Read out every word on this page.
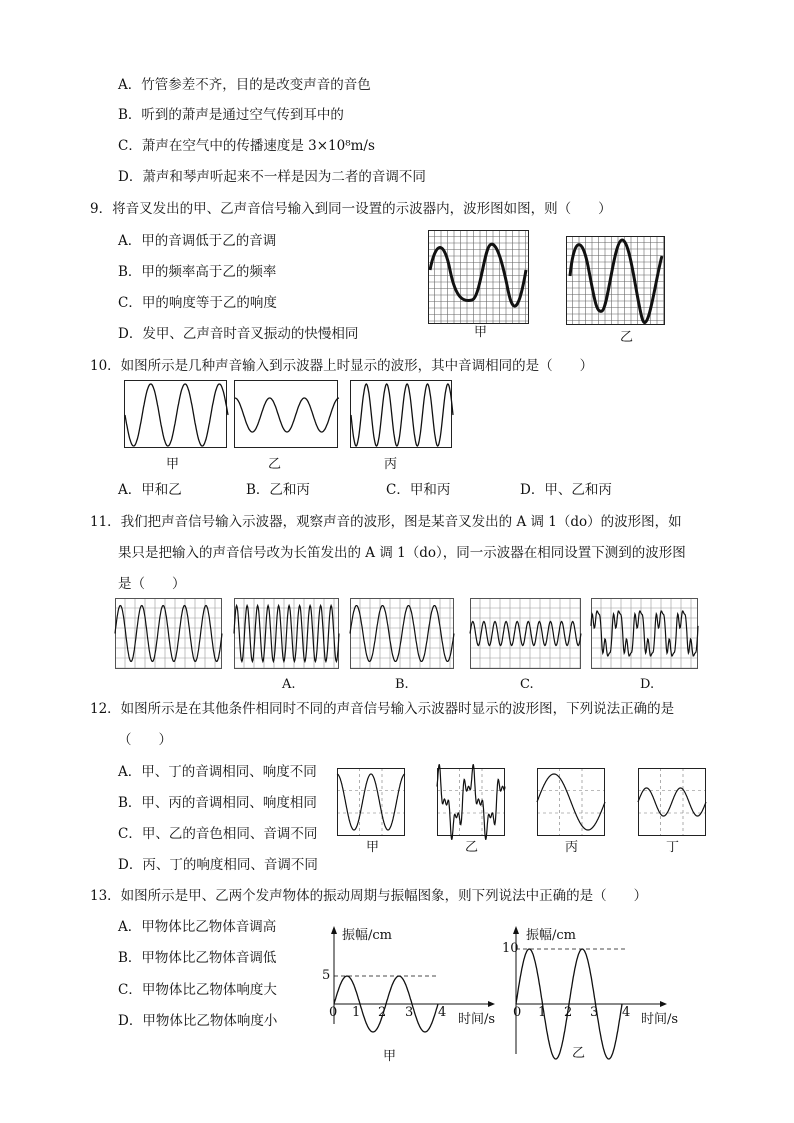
A．竹管参差不齐，目的是改变声音的音色
B．听到的萧声是通过空气传到耳中的
C．萧声在空气中的传播速度是 3×10⁸m/s
D．萧声和琴声听起来不一样是因为二者的音调不同
9．将音叉发出的甲、乙声音信号输入到同一设置的示波器内，波形图如图，则（　　）
A．甲的音调低于乙的音调
B．甲的频率高于乙的频率
C．甲的响度等于乙的响度
D．发甲、乙声音时音叉振动的快慢相同	甲	乙
10．如图所示是几种声音输入到示波器上时显示的波形，其中音调相同的是（　　）
甲	乙	丙
A．甲和乙	B．乙和丙	C．甲和丙	D．甲、乙和丙
11．我们把声音信号输入示波器，观察声音的波形，图是某音叉发出的 A 调 1（do）的波形图，如
果只是把输入的声音信号改为长笛发出的 A 调 1（do），同一示波器在相同设置下测到的波形图
是（　　）
A.	B.	C.	D.
12．如图所示是在其他条件相同时不同的声音信号输入示波器时显示的波形图，下列说法正确的是
（　　）
A．甲、丁的音调相同、响度不同
B．甲、丙的音调相同、响度相同
C．甲、乙的音色相同、音调不同
D．丙、丁的响度相同、音调不同
甲	乙	丙	丁
13．如图所示是甲、乙两个发声物体的振动周期与振幅图象，则下列说法中正确的是（　　）
A．甲物体比乙物体音调高
B．甲物体比乙物体音调低
C．甲物体比乙物体响度大
D．甲物体比乙物体响度小
振幅/cm
5
0 1 2 3 4 时间/s
甲
振幅/cm
10
0 1 2 3 4 时间/s
乙
